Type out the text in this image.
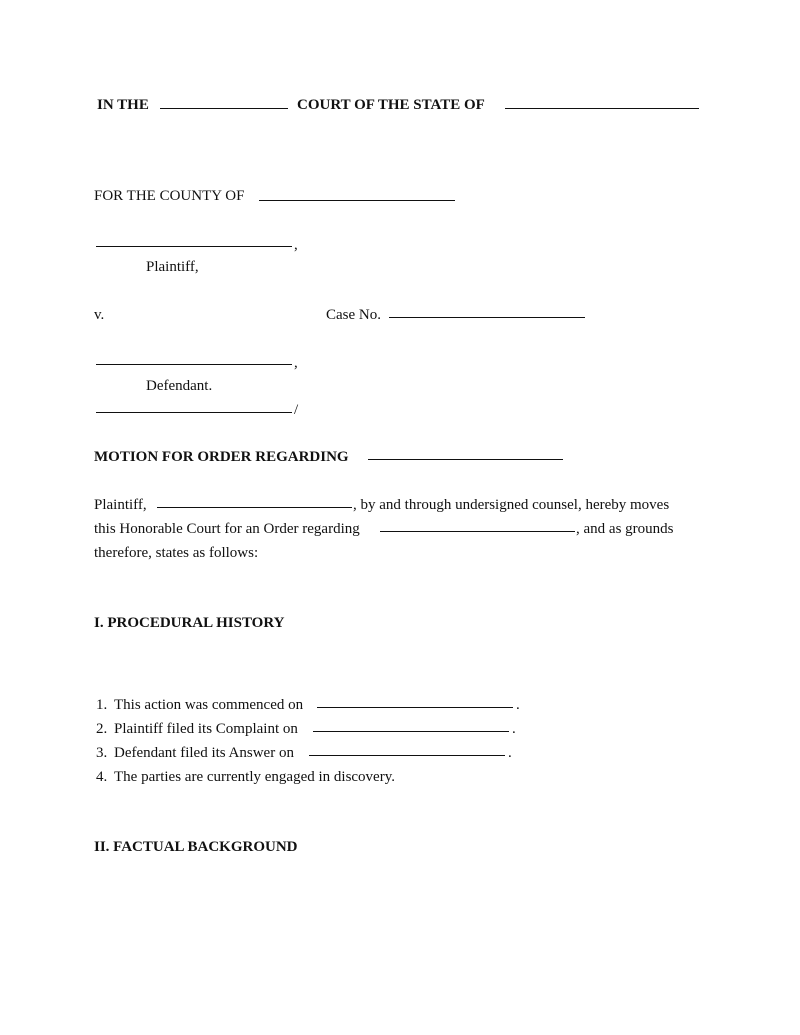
IN THE	COURT OF THE STATE OF
FOR THE COUNTY OF
,
Plaintiff,
v.	Case No.
,
Defendant.
/
MOTION FOR ORDER REGARDING
Plaintiff,	, by and through undersigned counsel, hereby moves
this Honorable Court for an Order regarding	, and as grounds
therefore, states as follows:
I. PROCEDURAL HISTORY
1. This action was commenced on	.
2. Plaintiff filed its Complaint on	.
3. Defendant filed its Answer on	.
4. The parties are currently engaged in discovery.
II. FACTUAL BACKGROUND
